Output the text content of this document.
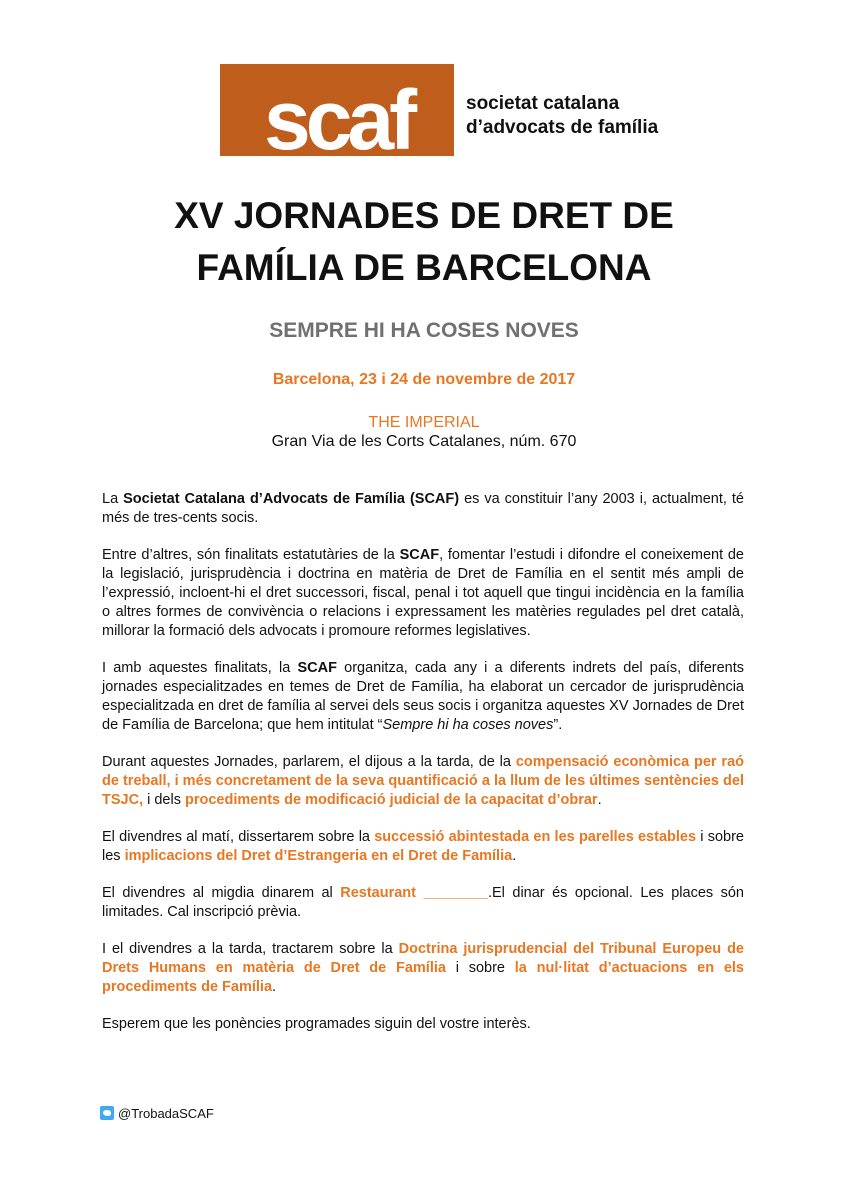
scaf	societat catalana
d’advocats de família
XV JORNADES DE DRET DE
FAMÍLIA DE BARCELONA
SEMPRE HI HA COSES NOVES
Barcelona, 23 i 24 de novembre de 2017
THE IMPERIAL
Gran Via de les Corts Catalanes, núm. 670

La Societat Catalana d’Advocats de Família (SCAF) es va constituir l’any 2003 i, actualment, té més de tres-cents socis.

Entre d’altres, són finalitats estatutàries de la SCAF, fomentar l’estudi i difondre el coneixement de la legislació, jurisprudència i doctrina en matèria de Dret de Família en el sentit més ampli de l’expressió, incloent-hi el dret successori, fiscal, penal i tot aquell que tingui incidència en la família o altres formes de convivència o relacions i expressament les matèries regulades pel dret català, millorar la formació dels advocats i promoure reformes legislatives.

I amb aquestes finalitats, la SCAF organitza, cada any i a diferents indrets del país, diferents jornades especialitzades en temes de Dret de Família, ha elaborat un cercador de jurisprudència especialitzada en dret de família al servei dels seus socis i organitza aquestes XV Jornades de Dret de Família de Barcelona; que hem intitulat “Sempre hi ha coses noves”.

Durant aquestes Jornades, parlarem, el dijous a la tarda, de la compensació econòmica per raó de treball, i més concretament de la seva quantificació a la llum de les últimes sentències del TSJC, i dels procediments de modificació judicial de la capacitat d’obrar.

El divendres al matí, dissertarem sobre la successió abintestada en les parelles estables i sobre les implicacions del Dret d’Estrangeria en el Dret de Família.

El divendres al migdia dinarem al Restaurant ________.El dinar és opcional. Les places són limitades. Cal inscripció prèvia.

I el divendres a la tarda, tractarem sobre la Doctrina jurisprudencial del Tribunal Europeu de Drets Humans en matèria de Dret de Família i sobre la nul·litat d’actuacions en els procediments de Família.

Esperem que les ponències programades siguin del vostre interès.

@TrobadaSCAF
